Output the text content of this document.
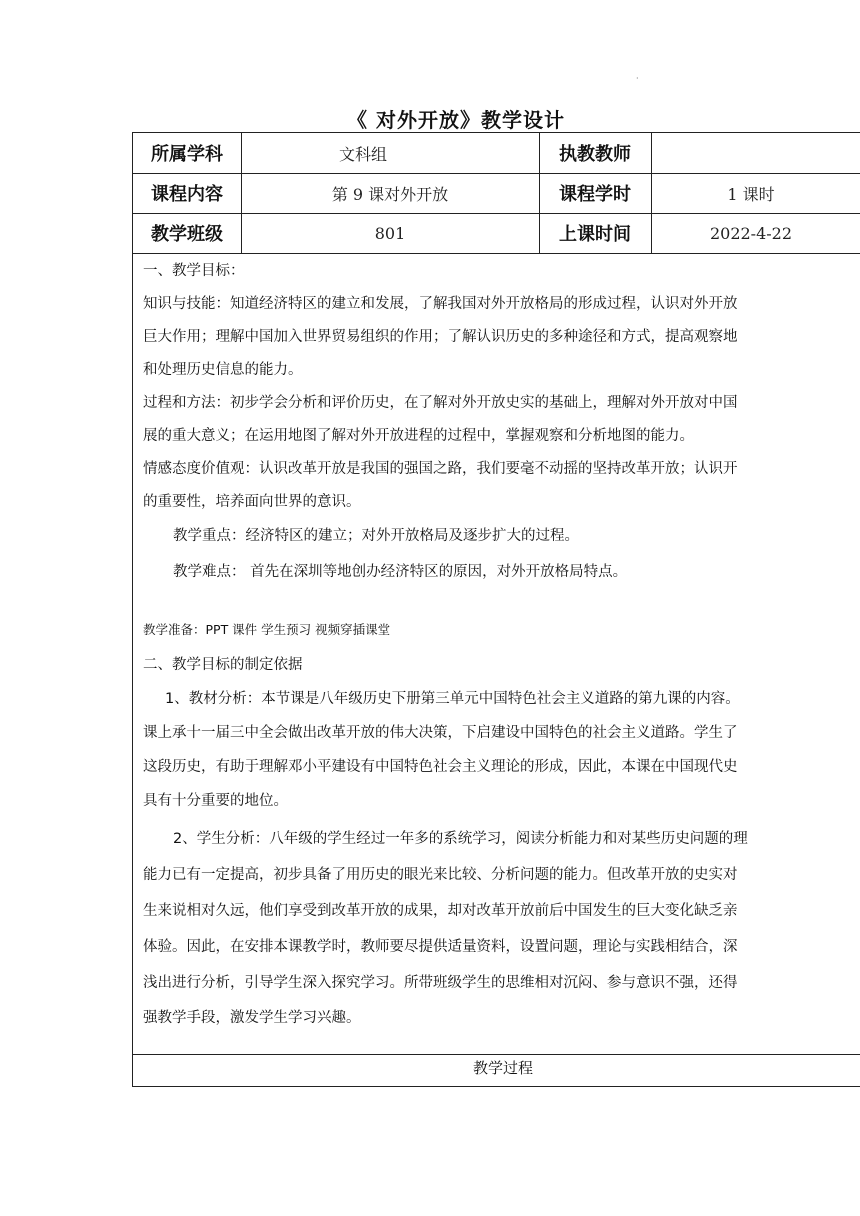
·
《 对外开放》教学设计
所属学科	文科组	执教教师
课程内容	第 9 课对外开放	课程学时	1 课时
教学班级	801	上课时间	2022-4-22
一、教学目标：
知识与技能：知道经济特区的建立和发展，了解我国对外开放格局的形成过程，认识对外开放
巨大作用；理解中国加入世界贸易组织的作用；了解认识历史的多种途径和方式，提高观察地
和处理历史信息的能力。
过程和方法：初步学会分析和评价历史，在了解对外开放史实的基础上，理解对外开放对中国
展的重大意义；在运用地图了解对外开放进程的过程中，掌握观察和分析地图的能力。
情感态度价值观：认识改革开放是我国的强国之路，我们要毫不动摇的坚持改革开放；认识开
的重要性，培养面向世界的意识。
教学重点：经济特区的建立；对外开放格局及逐步扩大的过程。
教学难点： 首先在深圳等地创办经济特区的原因，对外开放格局特点。
教学准备：PPT 课件 学生预习 视频穿插课堂
二、教学目标的制定依据
1、教材分析：本节课是八年级历史下册第三单元中国特色社会主义道路的第九课的内容。
课上承十一届三中全会做出改革开放的伟大决策，下启建设中国特色的社会主义道路。学生了
这段历史，有助于理解邓小平建设有中国特色社会主义理论的形成，因此，本课在中国现代史
具有十分重要的地位。
2、学生分析：八年级的学生经过一年多的系统学习，阅读分析能力和对某些历史问题的理
能力已有一定提高，初步具备了用历史的眼光来比较、分析问题的能力。但改革开放的史实对
生来说相对久远，他们享受到改革开放的成果，却对改革开放前后中国发生的巨大变化缺乏亲
体验。因此，在安排本课教学时，教师要尽提供适量资料，设置问题，理论与实践相结合，深
浅出进行分析，引导学生深入探究学习。所带班级学生的思维相对沉闷、参与意识不强，还得
强教学手段，激发学生学习兴趣。
教学过程
